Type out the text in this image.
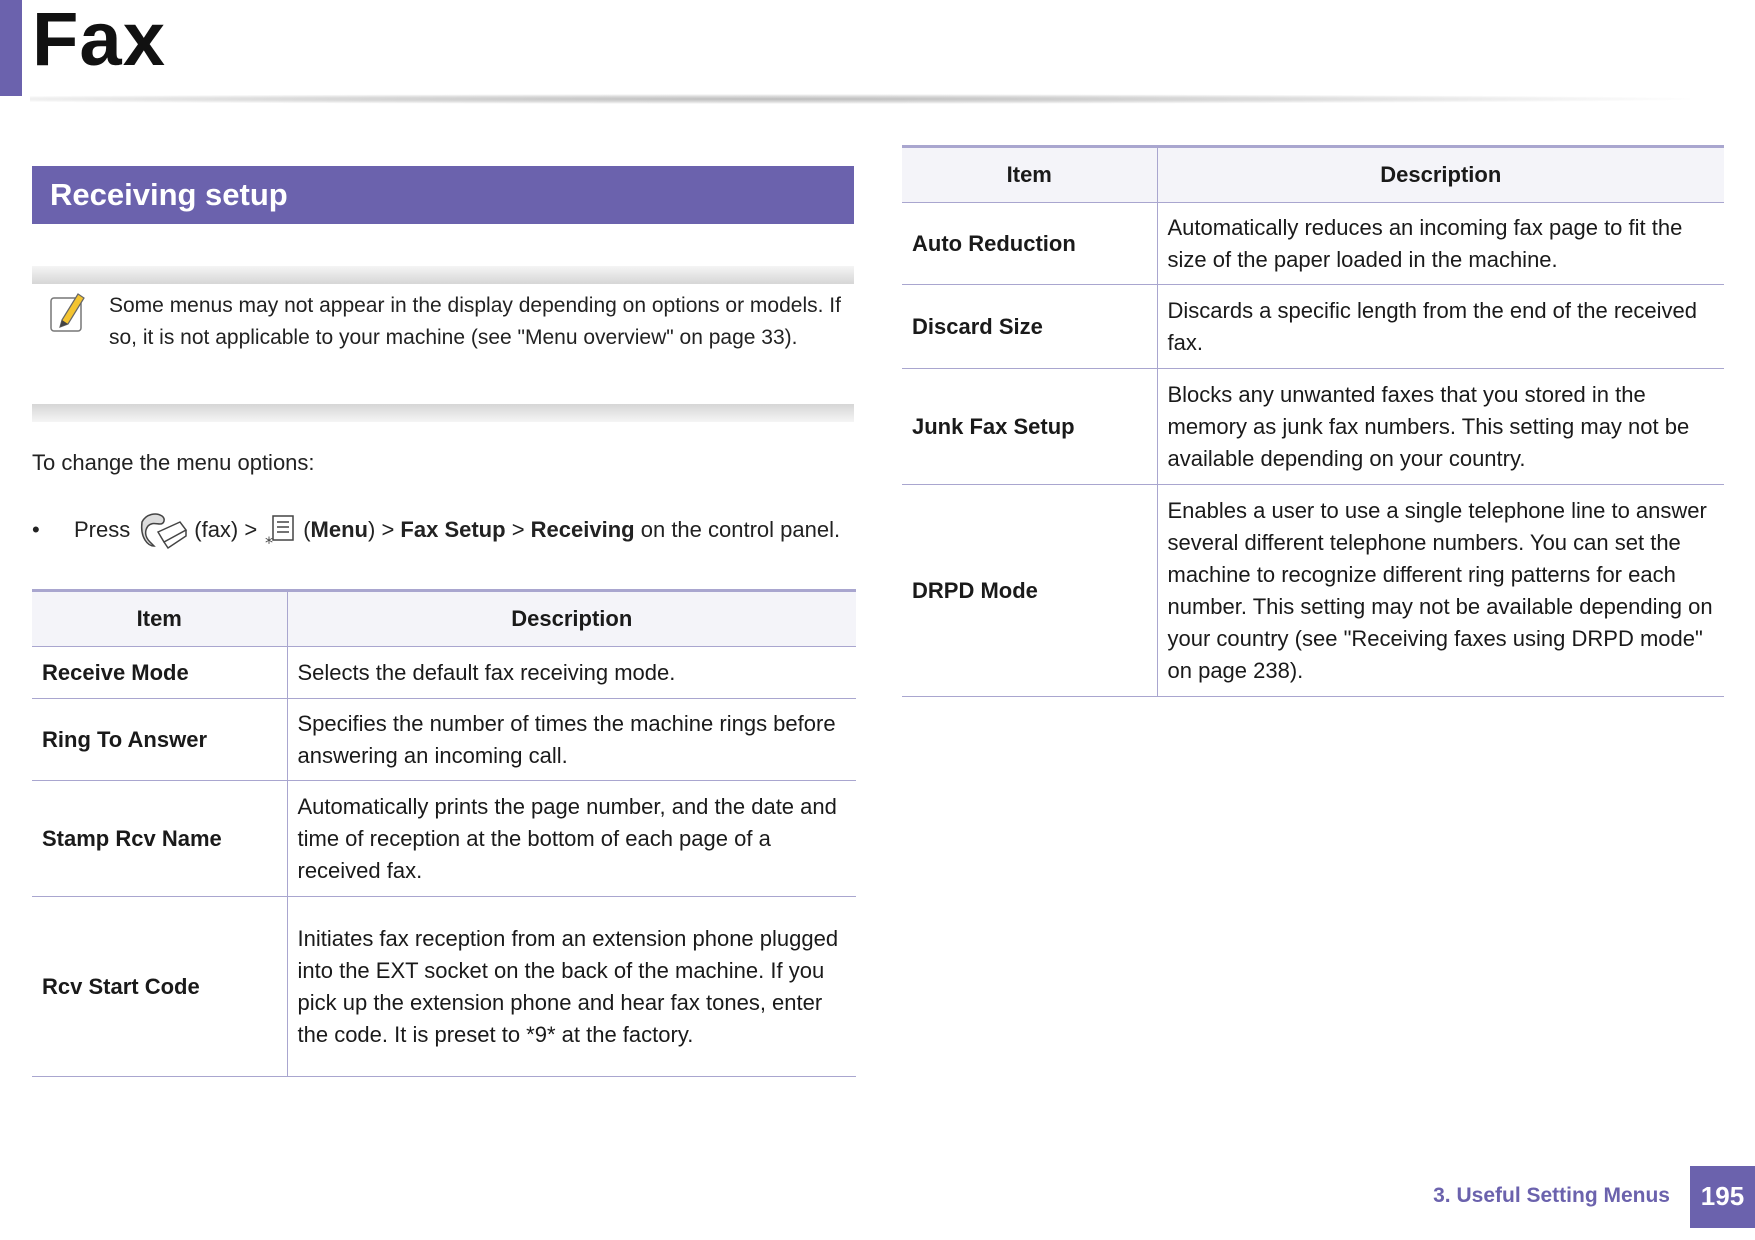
Fax
Receiving setup
Some menus may not appear in the display depending on options or models. If so, it is not applicable to your machine (see "Menu overview" on page 33).
To change the menu options:
•	Press	(fax) >
*
( Menu ) >
Fax Setup
>
Receiving
on the control panel.
Item	Description
Receive Mode	Selects the default fax receiving mode.
Ring To Answer	Specifies the number of times the machine rings before answering an incoming call.
Stamp Rcv Name	Automatically prints the page number, and the date and time of reception at the bottom of each page of a received fax.
Rcv Start Code	Initiates fax reception from an extension phone plugged into the EXT socket on the back of the machine. If you pick up the extension phone and hear fax tones, enter the code. It is preset to *9* at the factory.
Item	Description
Auto Reduction	Automatically reduces an incoming fax page to fit the size of the paper loaded in the machine.
Discard Size	Discards a specific length from the end of the received fax.
Junk Fax Setup	Blocks any unwanted faxes that you stored in the memory as junk fax numbers. This setting may not be available depending on your country.
DRPD Mode	Enables a user to use a single telephone line to answer several different telephone numbers. You can set the machine to recognize different ring patterns for each number. This setting may not be available depending on your country (see "Receiving faxes using DRPD mode" on page 238).
3. Useful Setting Menus	195
